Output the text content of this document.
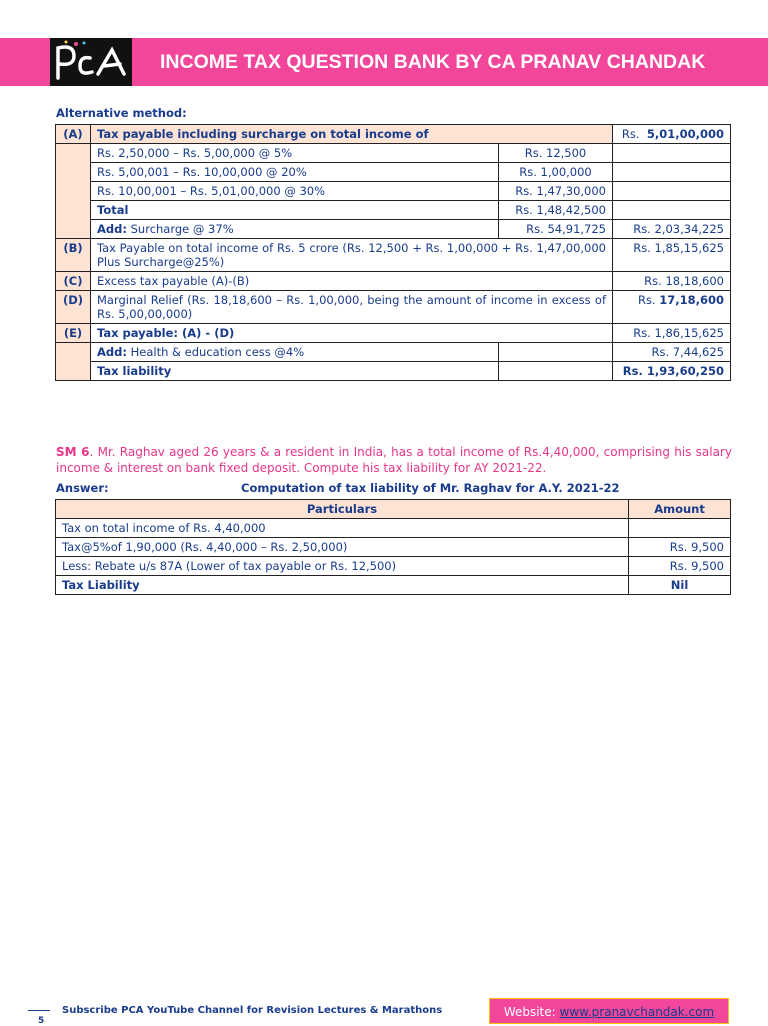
INCOME TAX QUESTION BANK BY CA PRANAV CHANDAK
Alternative method:
(A)	Tax payable including surcharge on total income of		Rs. 5,01,00,000
	Rs. 2,50,000 – Rs. 5,00,000 @ 5%	Rs. 12,500	
	Rs. 5,00,001 – Rs. 10,00,000 @ 20%	Rs. 1,00,000	
	Rs. 10,00,001 – Rs. 5,01,00,000 @ 30%	Rs. 1,47,30,000	
	Total	Rs. 1,48,42,500	
	Add: Surcharge @ 37%	Rs. 54,91,725	Rs. 2,03,34,225
(B)	Tax Payable on total income of Rs. 5 crore (Rs. 12,500 + Rs. 1,00,000 + Rs. 1,47,00,000 Plus Surcharge@25%)		Rs. 1,85,15,625
(C)	Excess tax payable (A)-(B)		Rs. 18,18,600
(D)	Marginal Relief (Rs. 18,18,600 – Rs. 1,00,000, being the amount of income in excess of Rs. 5,00,00,000)		Rs. 17,18,600
(E)	Tax payable: (A) - (D)		Rs. 1,86,15,625
	Add: Health & education cess @4%		Rs. 7,44,625
	Tax liability		Rs. 1,93,60,250
SM 6. Mr. Raghav aged 26 years & a resident in India, has a total income of Rs.4,40,000, comprising his salary income & interest on bank fixed deposit. Compute his tax liability for AY 2021-22.
Answer:	Computation of tax liability of Mr. Raghav for A.Y. 2021-22
Particulars	Amount
Tax on total income of Rs. 4,40,000	
Tax@5%of 1,90,000 (Rs. 4,40,000 – Rs. 2,50,000)	Rs. 9,500
Less: Rebate u/s 87A (Lower of tax payable or Rs. 12,500)	Rs. 9,500
Tax Liability	Nil
5
Subscribe PCA YouTube Channel for Revision Lectures & Marathons	Website: www.pranavchandak.com
